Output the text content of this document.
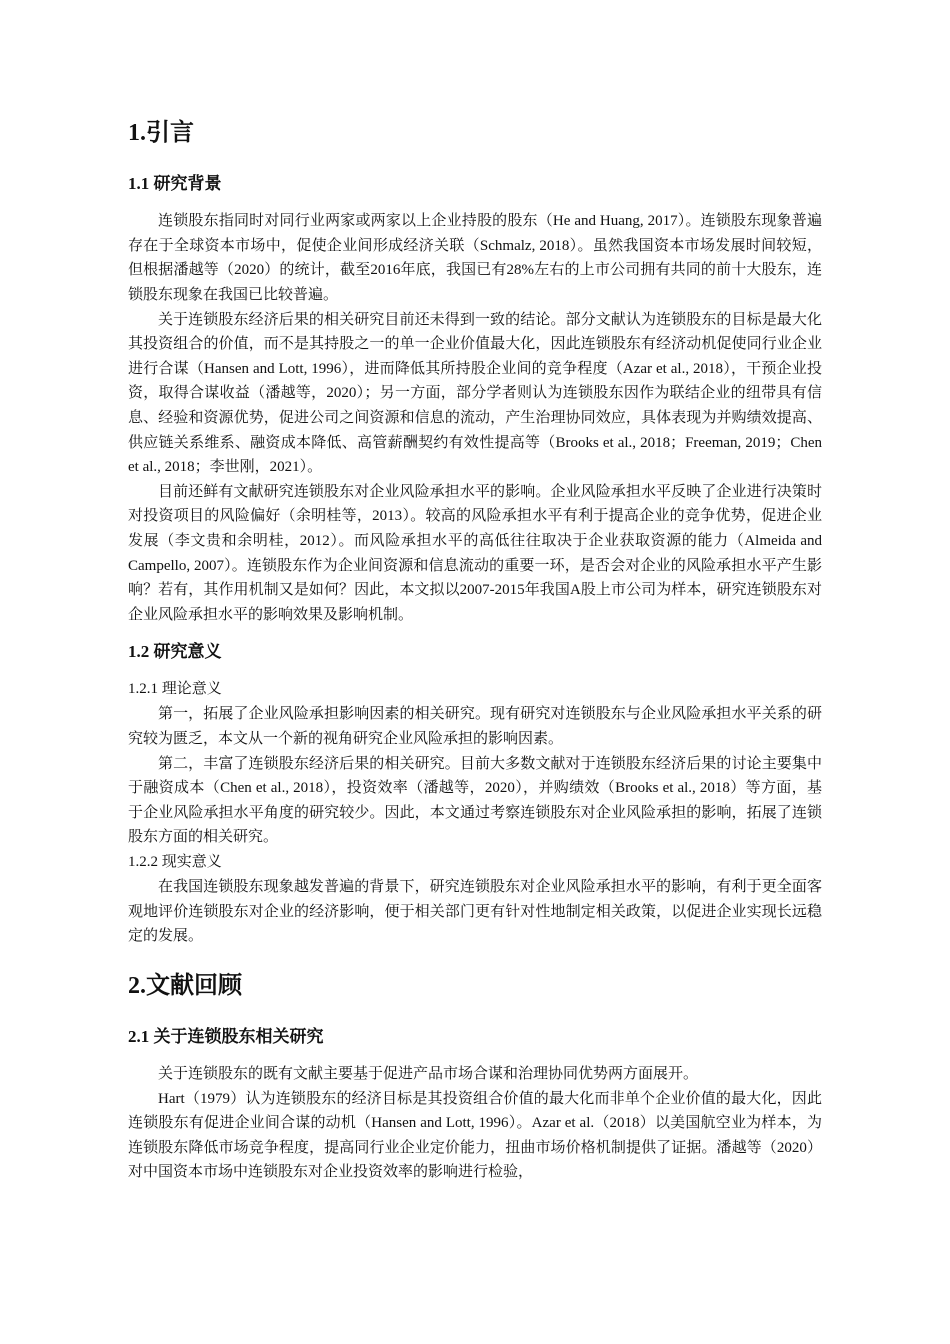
1.引言
1.1 研究背景

连锁股东指同时对同行业两家或两家以上企业持股的股东（He and Huang, 2017）。连锁股东现象普遍存在于全球资本市场中，促使企业间形成经济关联（Schmalz, 2018）。虽然我国资本市场发展时间较短，但根据潘越等（2020）的统计，截至2016年底，我国已有28%左右的上市公司拥有共同的前十大股东，连锁股东现象在我国已比较普遍。

关于连锁股东经济后果的相关研究目前还未得到一致的结论。部分文献认为连锁股东的目标是最大化其投资组合的价值，而不是其持股之一的单一企业价值最大化，因此连锁股东有经济动机促使同行业企业进行合谋（Hansen and Lott, 1996），进而降低其所持股企业间的竞争程度（Azar et al., 2018），干预企业投资，取得合谋收益（潘越等，2020）；另一方面，部分学者则认为连锁股东因作为联结企业的纽带具有信息、经验和资源优势，促进公司之间资源和信息的流动，产生治理协同效应，具体表现为并购绩效提高、供应链关系维系、融资成本降低、高管薪酬契约有效性提高等（Brooks et al., 2018；Freeman, 2019；Chen et al., 2018；李世刚，2021）。

目前还鲜有文献研究连锁股东对企业风险承担水平的影响。企业风险承担水平反映了企业进行决策时对投资项目的风险偏好（余明桂等，2013）。较高的风险承担水平有利于提高企业的竞争优势，促进企业发展（李文贵和余明桂，2012）。而风险承担水平的高低往往取决于企业获取资源的能力（Almeida and Campello, 2007）。连锁股东作为企业间资源和信息流动的重要一环，是否会对企业的风险承担水平产生影响？若有，其作用机制又是如何？因此，本文拟以2007-2015年我国A股上市公司为样本，研究连锁股东对企业风险承担水平的影响效果及影响机制。

1.2 研究意义
1.2.1 理论意义

第一，拓展了企业风险承担影响因素的相关研究。现有研究对连锁股东与企业风险承担水平关系的研究较为匮乏，本文从一个新的视角研究企业风险承担的影响因素。

第二，丰富了连锁股东经济后果的相关研究。目前大多数文献对于连锁股东经济后果的讨论主要集中于融资成本（Chen et al., 2018），投资效率（潘越等，2020），并购绩效（Brooks et al., 2018）等方面，基于企业风险承担水平角度的研究较少。因此，本文通过考察连锁股东对企业风险承担的影响，拓展了连锁股东方面的相关研究。

1.2.2 现实意义

在我国连锁股东现象越发普遍的背景下，研究连锁股东对企业风险承担水平的影响，有利于更全面客观地评价连锁股东对企业的经济影响，便于相关部门更有针对性地制定相关政策，以促进企业实现长远稳定的发展。

2.文献回顾
2.1 关于连锁股东相关研究

关于连锁股东的既有文献主要基于促进产品市场合谋和治理协同优势两方面展开。

Hart（1979）认为连锁股东的经济目标是其投资组合价值的最大化而非单个企业价值的最大化，因此连锁股东有促进企业间合谋的动机（Hansen and Lott, 1996）。Azar et al.（2018）以美国航空业为样本，为连锁股东降低市场竞争程度，提高同行业企业定价能力，扭曲市场价格机制提供了证据。潘越等（2020）对中国资本市场中连锁股东对企业投资效率的影响进行检验，
